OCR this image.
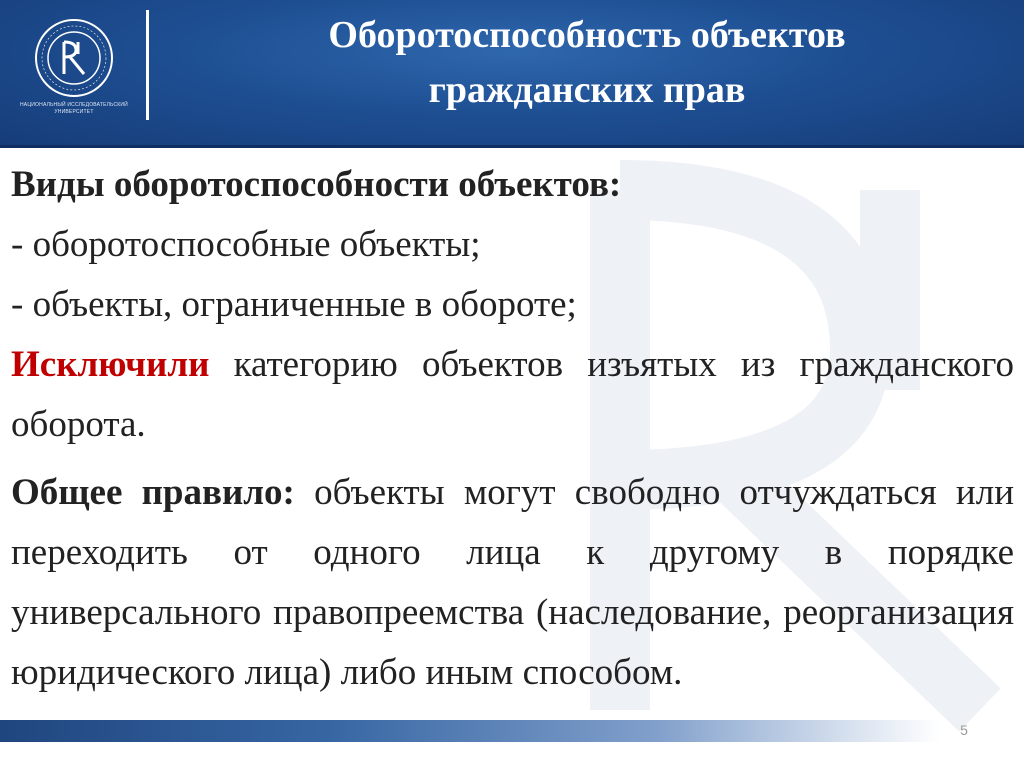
НАЦИОНАЛЬНЫЙ ИССЛЕДОВАТЕЛЬСКИЙ УНИВЕРСИТЕТ
Оборотоспособность объектов
гражданских прав
Виды оборотоспособности объектов:
- оборотоспособные объекты;
- объекты, ограниченные в обороте;
Исключили категорию объектов изъятых из гражданского оборота.
Общее правило: объекты могут свободно отчуждаться или переходить от одного лица к другому в порядке универсального правопреемства (наследование, реорганизация юридического лица) либо иным способом.
5
